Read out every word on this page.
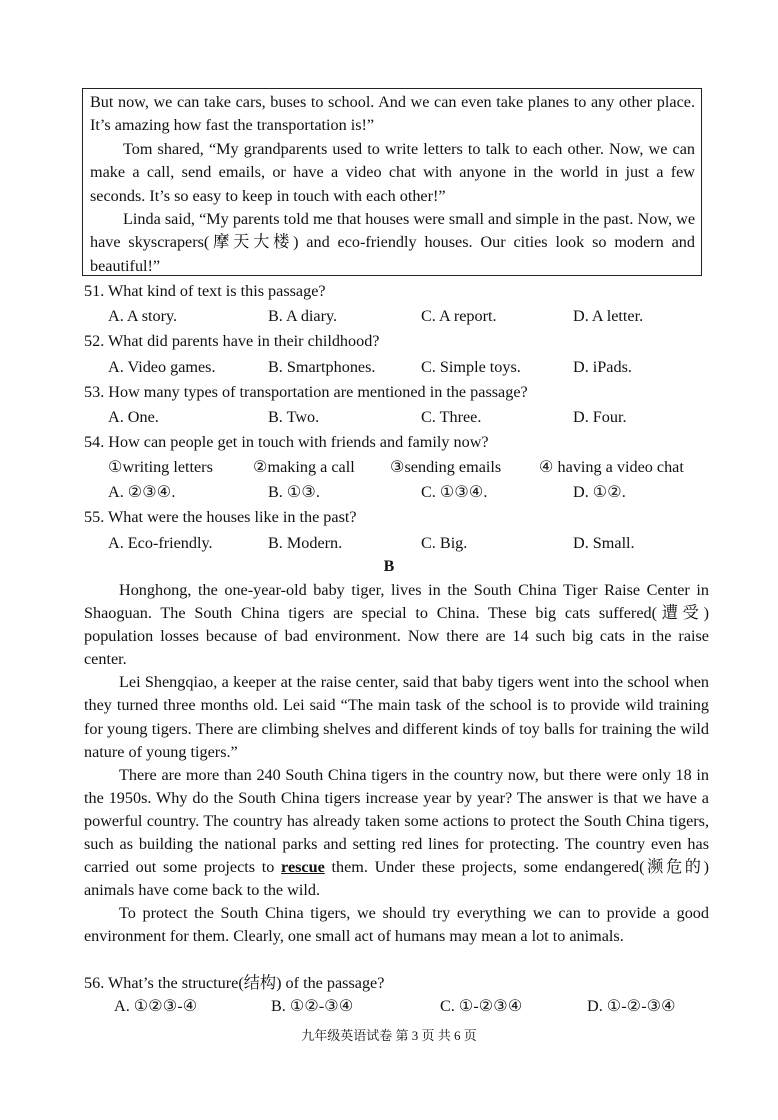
But now, we can take cars, buses to school. And we can even take planes to any other place. It’s amazing how fast the transportation is!”

Tom shared, “My grandparents used to write letters to talk to each other. Now, we can make a call, send emails, or have a video chat with anyone in the world in just a few seconds. It’s so easy to keep in touch with each other!”

Linda said, “My parents told me that houses were small and simple in the past. Now, we have skyscrapers(摩天大楼) and eco-friendly houses. Our cities look so modern and beautiful!”

51. What kind of text is this passage?
A. A story.	B. A diary.	C. A report.	D. A letter.
52. What did parents have in their childhood?
A. Video games.	B. Smartphones.	C. Simple toys.	D. iPads.
53. How many types of transportation are mentioned in the passage?
A. One.	B. Two.	C. Three.	D. Four.
54. How can people get in touch with friends and family now?
①writing letters ②making a call ③sending emails ④ having a video chat
A. ②③④.	B. ①③.	C. ①③④.	D. ①②.
55. What were the houses like in the past?
A. Eco-friendly.	B. Modern.	C. Big.	D. Small.
B

Honghong, the one-year-old baby tiger, lives in the South China Tiger Raise Center in Shaoguan. The South China tigers are special to China. These big cats suffered(遭受) population losses because of bad environment. Now there are 14 such big cats in the raise center.

Lei Shengqiao, a keeper at the raise center, said that baby tigers went into the school when they turned three months old. Lei said “The main task of the school is to provide wild training for young tigers. There are climbing shelves and different kinds of toy balls for training the wild nature of young tigers.”

There are more than 240 South China tigers in the country now, but there were only 18 in the 1950s. Why do the South China tigers increase year by year? The answer is that we have a powerful country. The country has already taken some actions to protect the South China tigers, such as building the national parks and setting red lines for protecting. The country even has carried out some projects to rescue them. Under these projects, some endangered(濒危的) animals have come back to the wild.

To protect the South China tigers, we should try everything we can to provide a good environment for them. Clearly, one small act of humans may mean a lot to animals.

56. What’s the structure(结构) of the passage?
A. ①②③-④	B. ①②-③④	C. ①-②③④	D. ①-②-③④
九年级英语试卷 第 3 页 共 6 页
